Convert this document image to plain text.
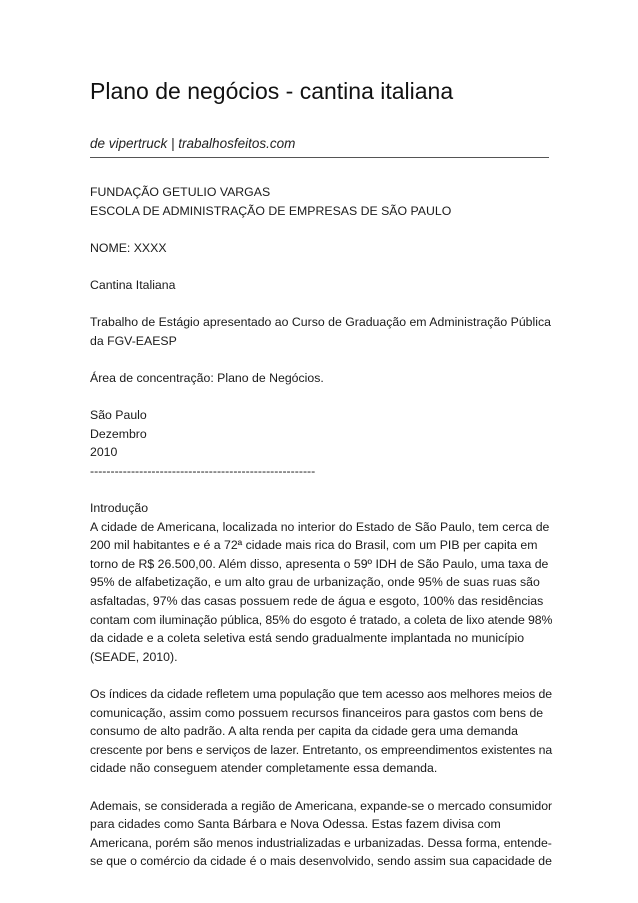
Plano de negócios - cantina italiana
de vipertruck | trabalhosfeitos.com

FUNDAÇÃO GETULIO VARGAS

ESCOLA DE ADMINISTRAÇÃO DE EMPRESAS DE SÃO PAULO

NOME: XXXX

Cantina Italiana

Trabalho de Estágio apresentado ao Curso de Graduação em Administração Pública

da FGV-EAESP

Área de concentração: Plano de Negócios.

São Paulo

Dezembro

2010

-------------------------------------------------------

Introdução

A cidade de Americana, localizada no interior do Estado de São Paulo, tem cerca de

200 mil habitantes e é a 72ª cidade mais rica do Brasil, com um PIB per capita em

torno de R$ 26.500,00. Além disso, apresenta o 59º IDH de São Paulo, uma taxa de

95% de alfabetização, e um alto grau de urbanização, onde 95% de suas ruas são

asfaltadas, 97% das casas possuem rede de água e esgoto, 100% das residências

contam com iluminação pública, 85% do esgoto é tratado, a coleta de lixo atende 98%

da cidade e a coleta seletiva está sendo gradualmente implantada no município

(SEADE, 2010).

Os índices da cidade refletem uma população que tem acesso aos melhores meios de

comunicação, assim como possuem recursos financeiros para gastos com bens de

consumo de alto padrão. A alta renda per capita da cidade gera uma demanda

crescente por bens e serviços de lazer. Entretanto, os empreendimentos existentes na

cidade não conseguem atender completamente essa demanda.

Ademais, se considerada a região de Americana, expande-se o mercado consumidor

para cidades como Santa Bárbara e Nova Odessa. Estas fazem divisa com

Americana, porém são menos industrializadas e urbanizadas. Dessa forma, entende-

se que o comércio da cidade é o mais desenvolvido, sendo assim sua capacidade de
